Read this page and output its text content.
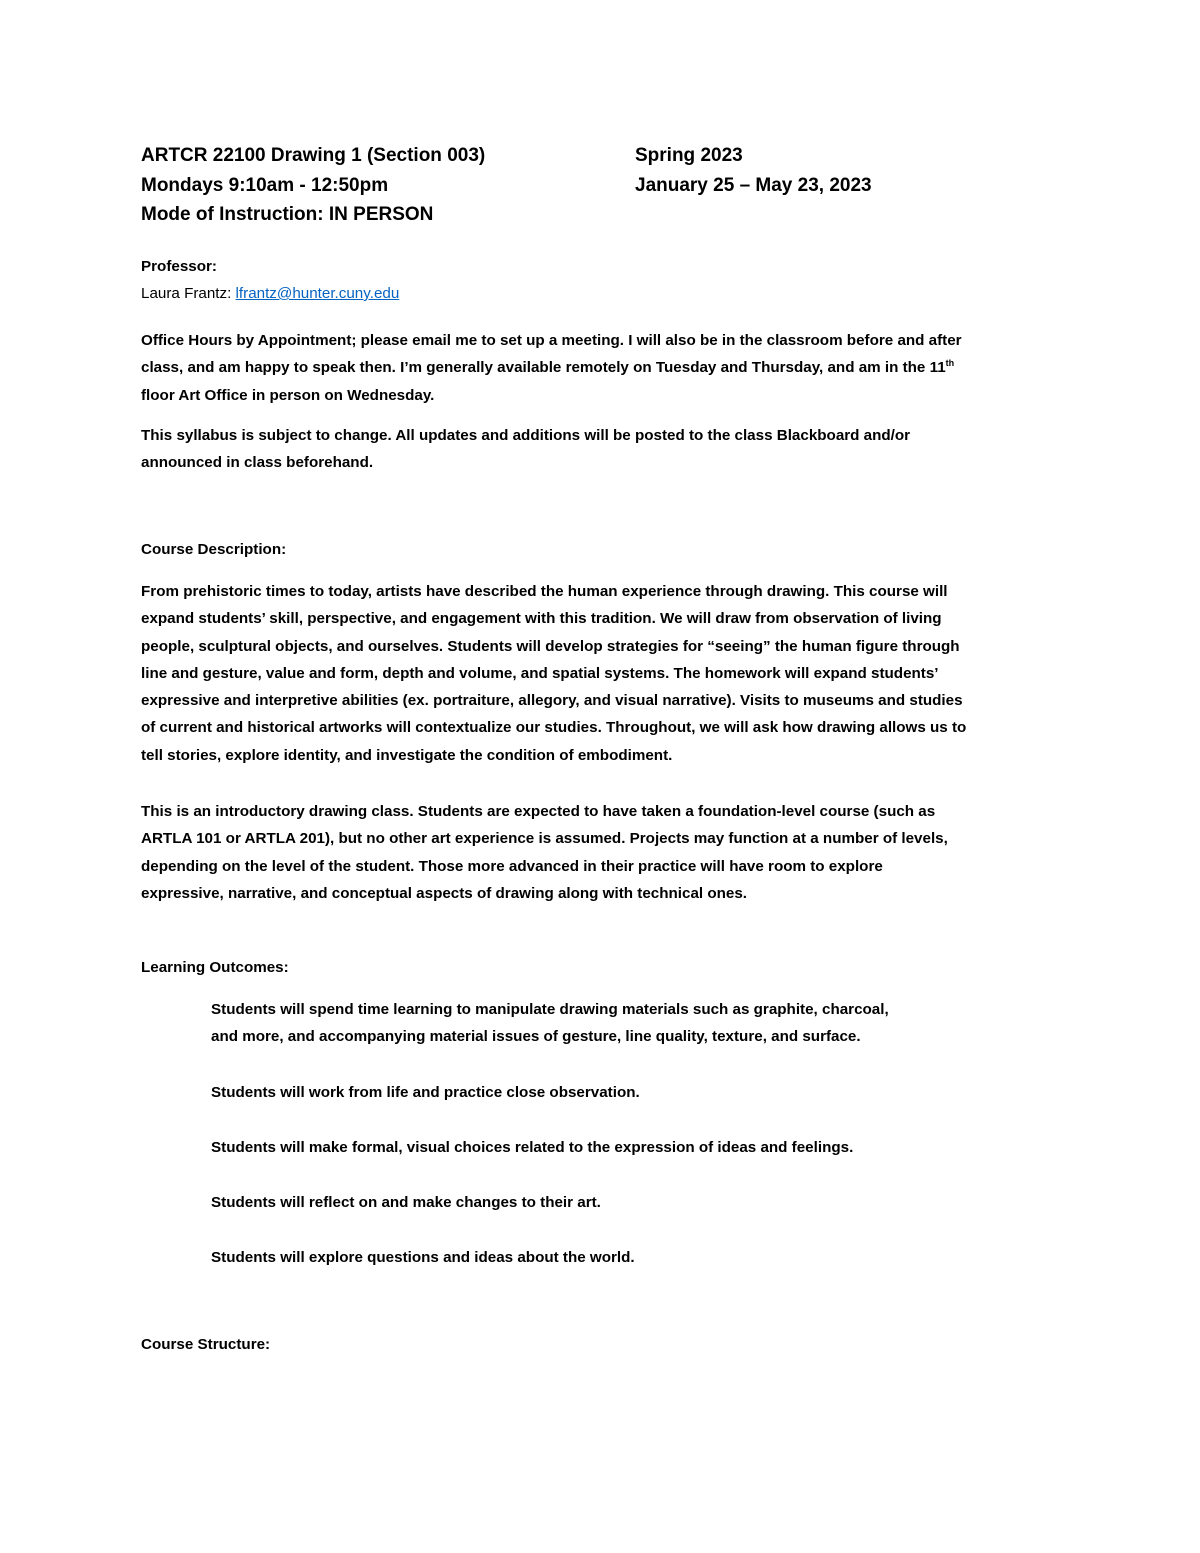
ARTCR 22100 Drawing 1 (Section 003)
Mondays 9:10am - 12:50pm
Mode of Instruction: IN PERSON
Spring 2023
January 25 – May 23, 2023
Professor:
Laura Frantz: lfrantz@hunter.cuny.edu
Office Hours by Appointment; please email me to set up a meeting. I will also be in the classroom before and after
class, and am happy to speak then. I’m generally available remotely on Tuesday and Thursday, and am in the 11th
floor Art Office in person on Wednesday.
This syllabus is subject to change. All updates and additions will be posted to the class Blackboard and/or
announced in class beforehand.
Course Description:
From prehistoric times to today, artists have described the human experience through drawing. This course will
expand students’ skill, perspective, and engagement with this tradition. We will draw from observation of living
people, sculptural objects, and ourselves. Students will develop strategies for “seeing” the human figure through
line and gesture, value and form, depth and volume, and spatial systems. The homework will expand students’
expressive and interpretive abilities (ex. portraiture, allegory, and visual narrative). Visits to museums and studies
of current and historical artworks will contextualize our studies. Throughout, we will ask how drawing allows us to
tell stories, explore identity, and investigate the condition of embodiment.
This is an introductory drawing class. Students are expected to have taken a foundation-level course (such as
ARTLA 101 or ARTLA 201), but no other art experience is assumed. Projects may function at a number of levels,
depending on the level of the student. Those more advanced in their practice will have room to explore
expressive, narrative, and conceptual aspects of drawing along with technical ones.
Learning Outcomes:
Students will spend time learning to manipulate drawing materials such as graphite, charcoal,
and more, and accompanying material issues of gesture, line quality, texture, and surface.
Students will work from life and practice close observation.
Students will make formal, visual choices related to the expression of ideas and feelings.
Students will reflect on and make changes to their art.
Students will explore questions and ideas about the world.
Course Structure:
